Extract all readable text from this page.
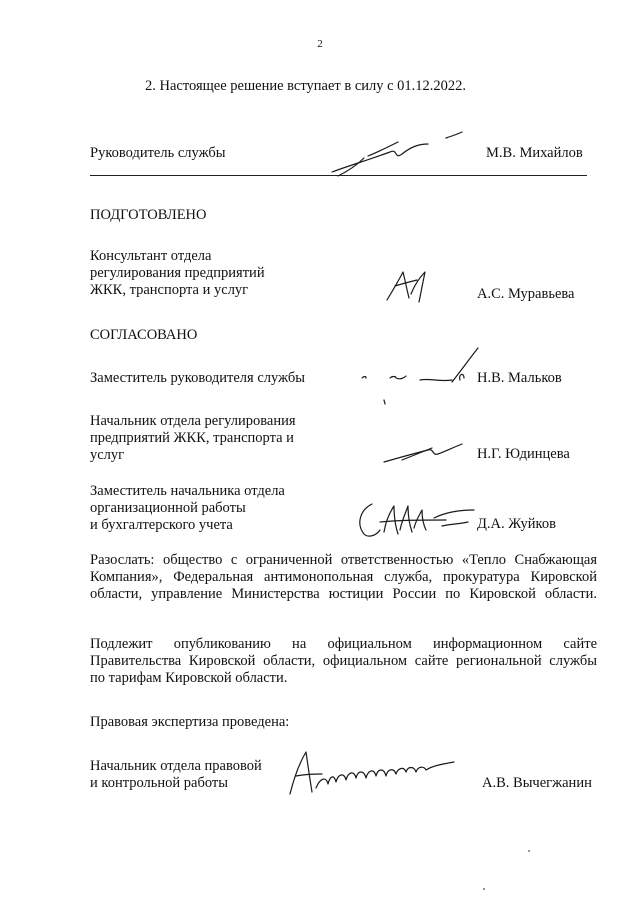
2
2. Настоящее решение вступает в силу с 01.12.2022.
Руководитель службы	М.В. Михайлов
ПОДГОТОВЛЕНО
Консультант отдела
регулирования предприятий
ЖКК, транспорта и услуг	А.С. Муравьева
СОГЛАСОВАНО
Заместитель руководителя службы	Н.В. Мальков
Начальник отдела регулирования
предприятий ЖКК, транспорта и
услуг	Н.Г. Юдинцева
Заместитель начальника отдела
организационной работы
и бухгалтерского учета	Д.А. Жуйков
Разослать: общество с ограниченной ответственностью «Тепло Снабжающая
Компания», Федеральная антимонопольная служба, прокуратура Кировской
области, управление Министерства юстиции России по Кировской области.
Подлежит опубликованию на официальном информационном сайте
Правительства Кировской области, официальном сайте региональной службы
по тарифам Кировской области.
Правовая экспертиза проведена:
Начальник отдела правовой
и контрольной работы	А.В. Вычегжанин
